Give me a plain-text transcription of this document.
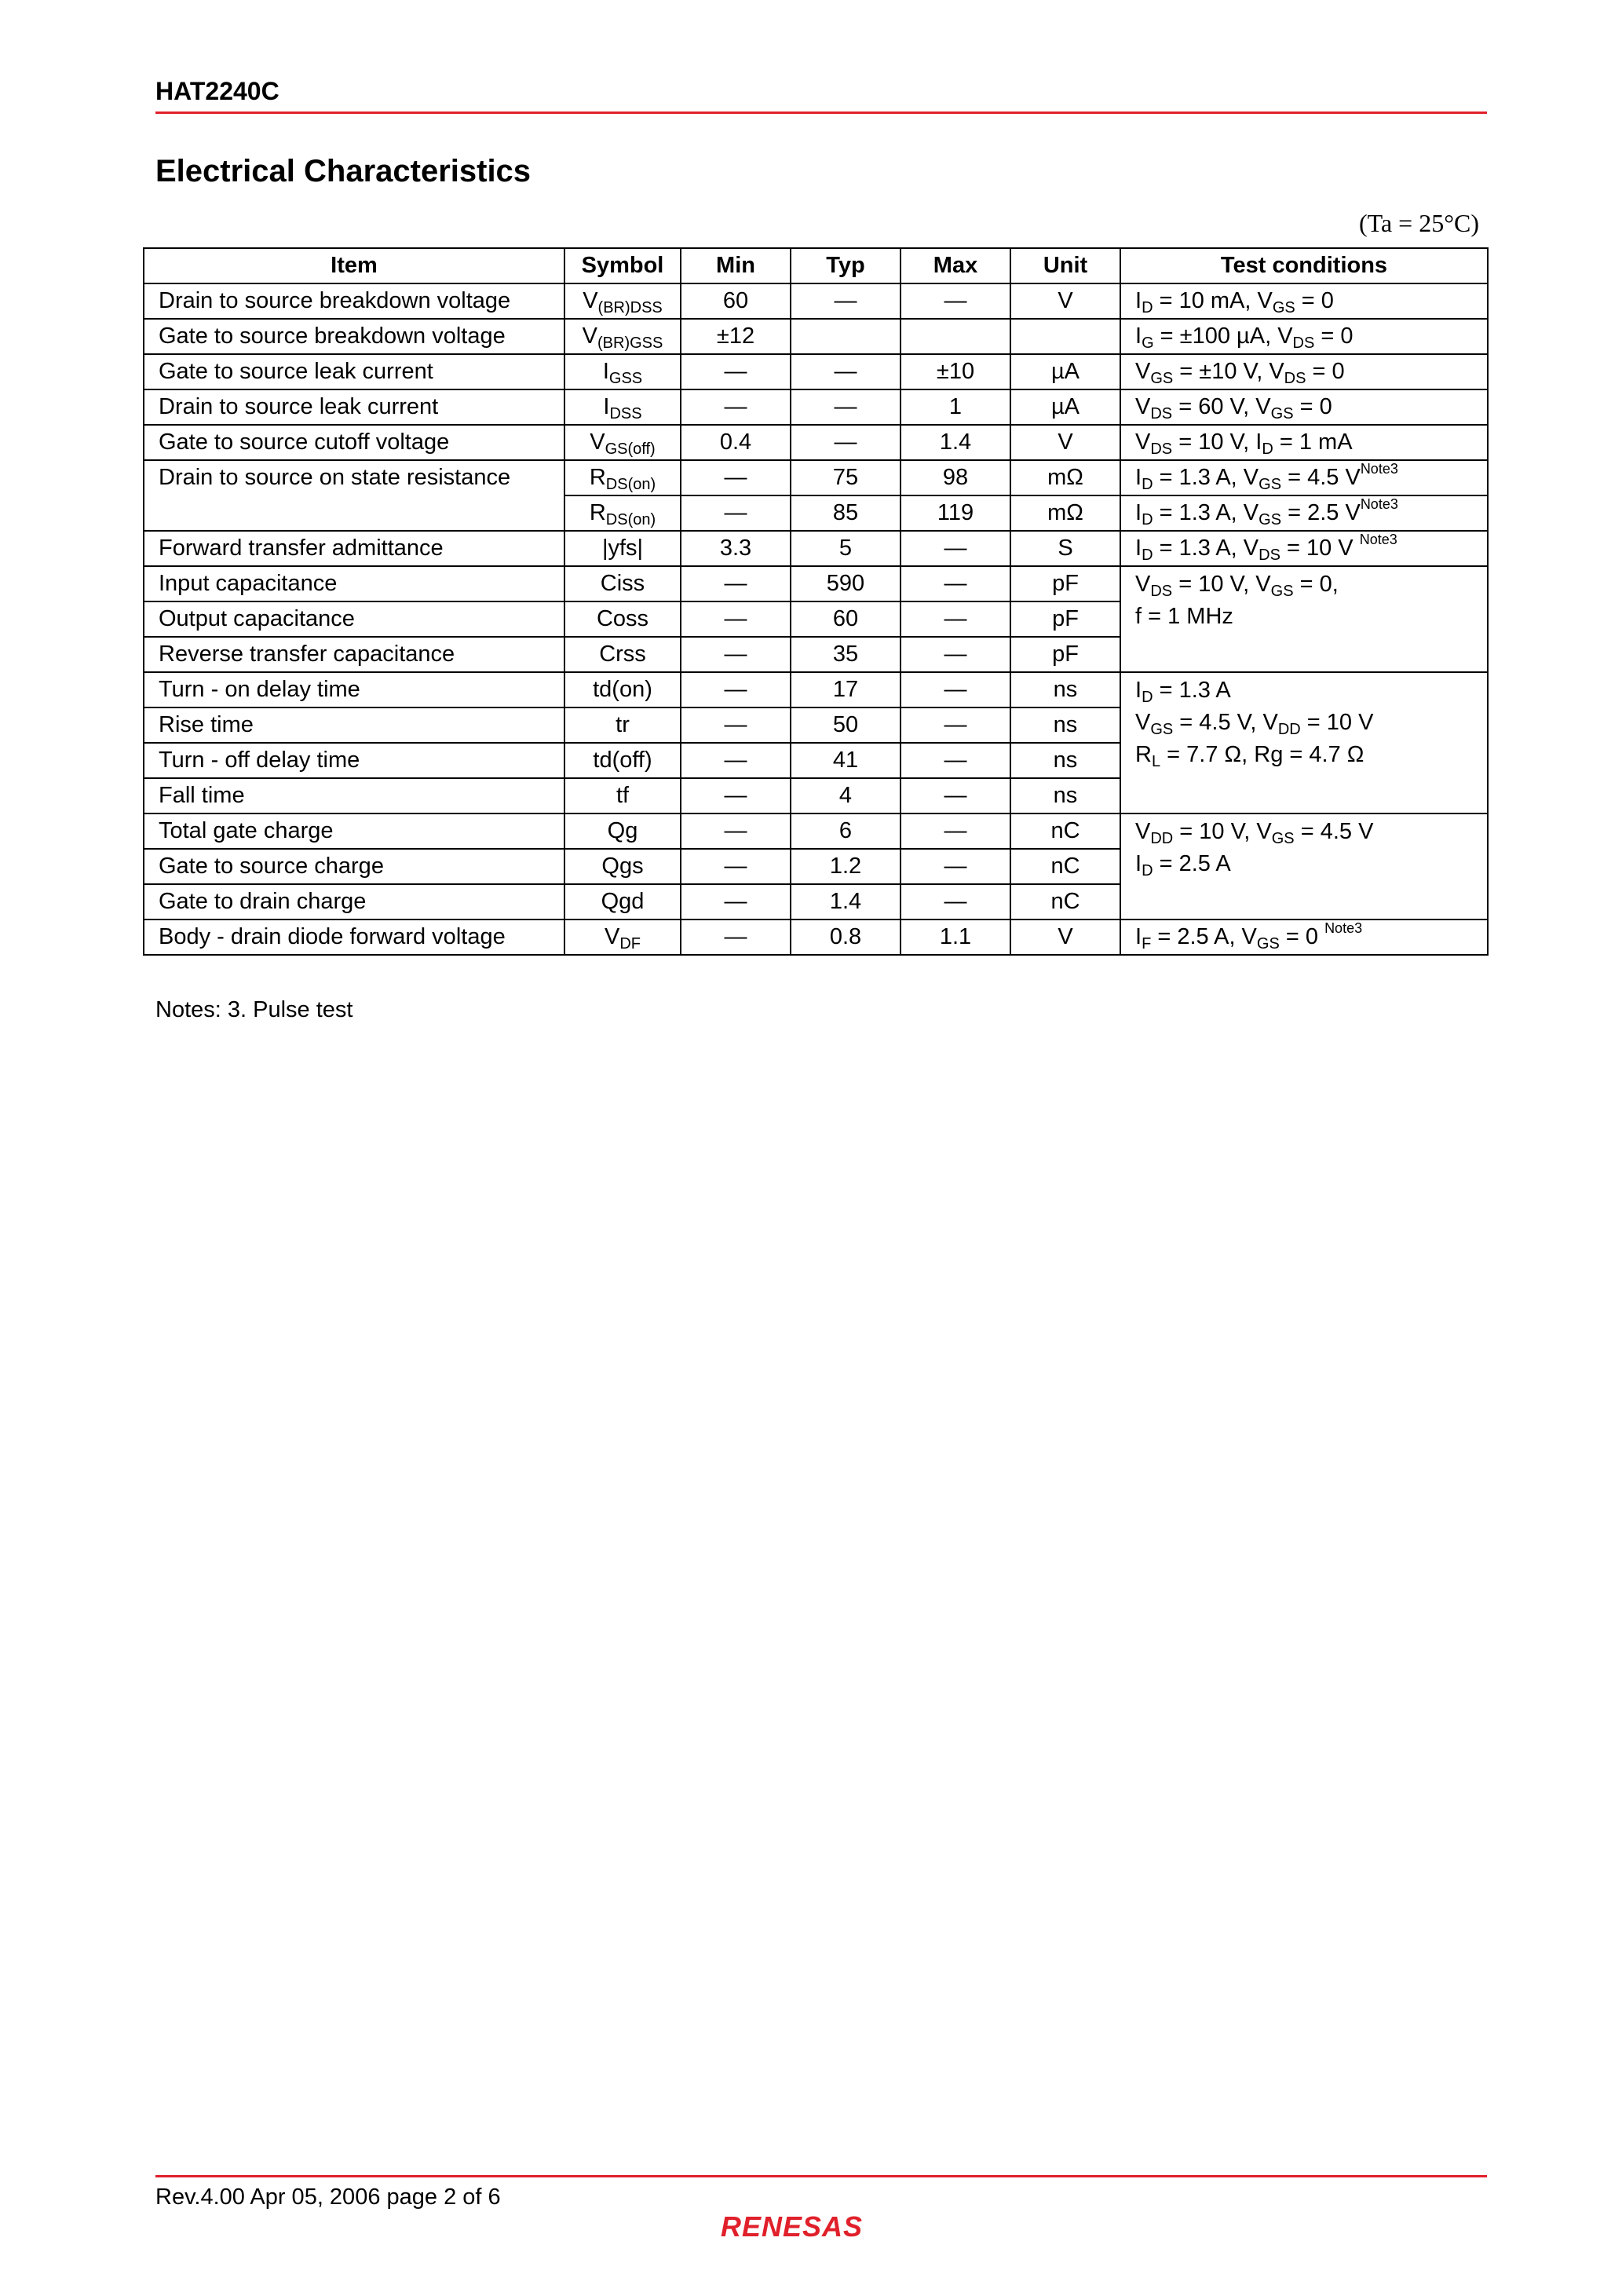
HAT2240C
Electrical Characteristics
(Ta = 25°C)
Item	Symbol	Min	Typ	Max	Unit	Test conditions
Drain to source breakdown voltage	$V_{(BR)DSS}$	60	—	—	V	$I_D = 10$ mA, $V_{GS} = 0$
Gate to source breakdown voltage	$V_{(BR)GSS}$	±12				$I_G = \pm 100$ µA, $V_{DS} = 0$
Gate to source leak current	$I_{GSS}$	—	—	±10	µA	$V_{GS} = \pm 10$ V, $V_{DS} = 0$
Drain to source leak current	$I_{DSS}$	—	—	1	µA	$V_{DS} = 60$ V, $V_{GS} = 0$
Gate to source cutoff voltage	$V_{GS(off)}$	0.4	—	1.4	V	$V_{DS} = 10$ V, $I_D = 1$ mA
Drain to source on state resistance	$R_{DS(on)}$	—	75	98	mΩ	$I_D = 1.3$ A, $V_{GS} = 4.5$ $V^{Note3}$
	$R_{DS(on)}$	—	85	119	mΩ	$I_D = 1.3$ A, $V_{GS} = 2.5$ $V^{Note3}$
Forward transfer admittance	|yfs|	3.3	5	—	S	$I_D = 1.3$ A, $V_{DS} = 10$ V $^{Note3}$
Input capacitance	Ciss	—	590	—	pF	$V_{DS} = 10$ V, $V_{GS} = 0$,
f = 1 MHz

Output capacitance	Coss	—	60	—	pF	
Reverse transfer capacitance	Crss	—	35	—	pF	
Turn - on delay time	td(on)	—	17	—	ns	$I_D = 1.3$ A
$V_{GS} = 4.5$ V, $V_{DD} = 10$ V
$R_L = 7.7$ Ω, Rg = 4.7 Ω

Rise time	tr	—	50	—	ns	
Turn - off delay time	td(off)	—	41	—	ns	
Fall time	tf	—	4	—	ns	
Total gate charge	Qg	—	6	—	nC	$V_{DD} = 10$ V, $V_{GS} = 4.5$ V
$I_D = 2.5$ A

Gate to source charge	Qgs	—	1.2	—	nC	
Gate to drain charge	Qgd	—	1.4	—	nC	
Body - drain diode forward voltage	$V_{DF}$	—	0.8	1.1	V	$I_F = 2.5$ A, $V_{GS} = 0$ $^{Note3}$
Notes: 3. Pulse test
Rev.4.00 Apr 05, 2006 page 2 of 6
RENESAS
